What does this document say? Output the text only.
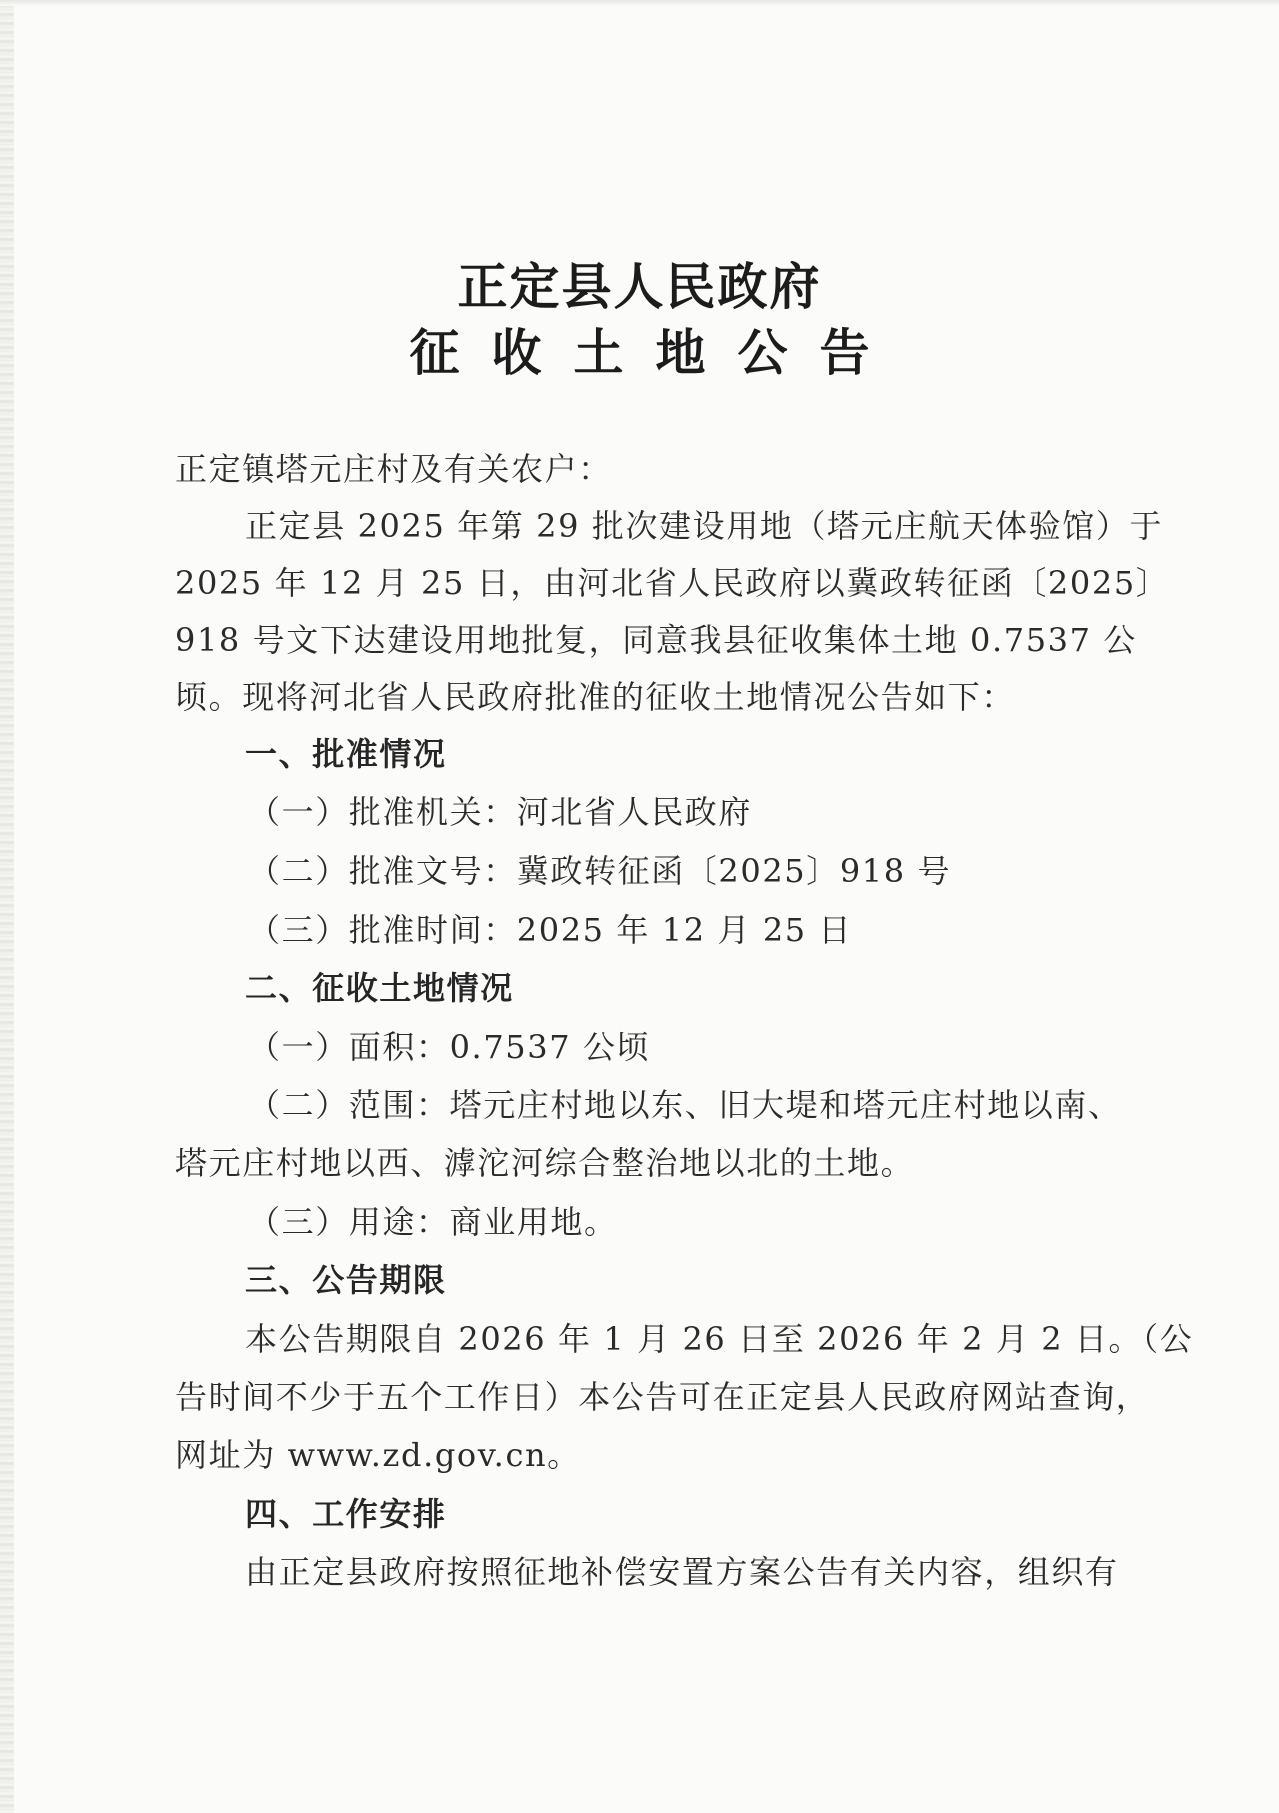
正定县人民政府
征收土地公告
正定镇塔元庄村及有关农户：
正定县 2025 年第 29 批次建设用地（塔元庄航天体验馆）于
2025 年 12 月 25 日，由河北省人民政府以冀政转征函〔2025〕
918 号文下达建设用地批复，同意我县征收集体土地 0.7537 公
顷。现将河北省人民政府批准的征收土地情况公告如下：
一、批准情况
（一）批准机关：河北省人民政府
（二）批准文号：冀政转征函〔2025〕918 号
（三）批准时间：2025 年 12 月 25 日
二、征收土地情况
（一）面积：0.7537 公顷
（二）范围：塔元庄村地以东、旧大堤和塔元庄村地以南、
塔元庄村地以西、滹沱河综合整治地以北的土地。
（三）用途：商业用地。
三、公告期限
本公告期限自 2026 年 1 月 26 日至 2026 年 2 月 2 日。（公
告时间不少于五个工作日）本公告可在正定县人民政府网站查询，
网址为 www.zd.gov.cn。
四、工作安排
由正定县政府按照征地补偿安置方案公告有关内容，组织有
